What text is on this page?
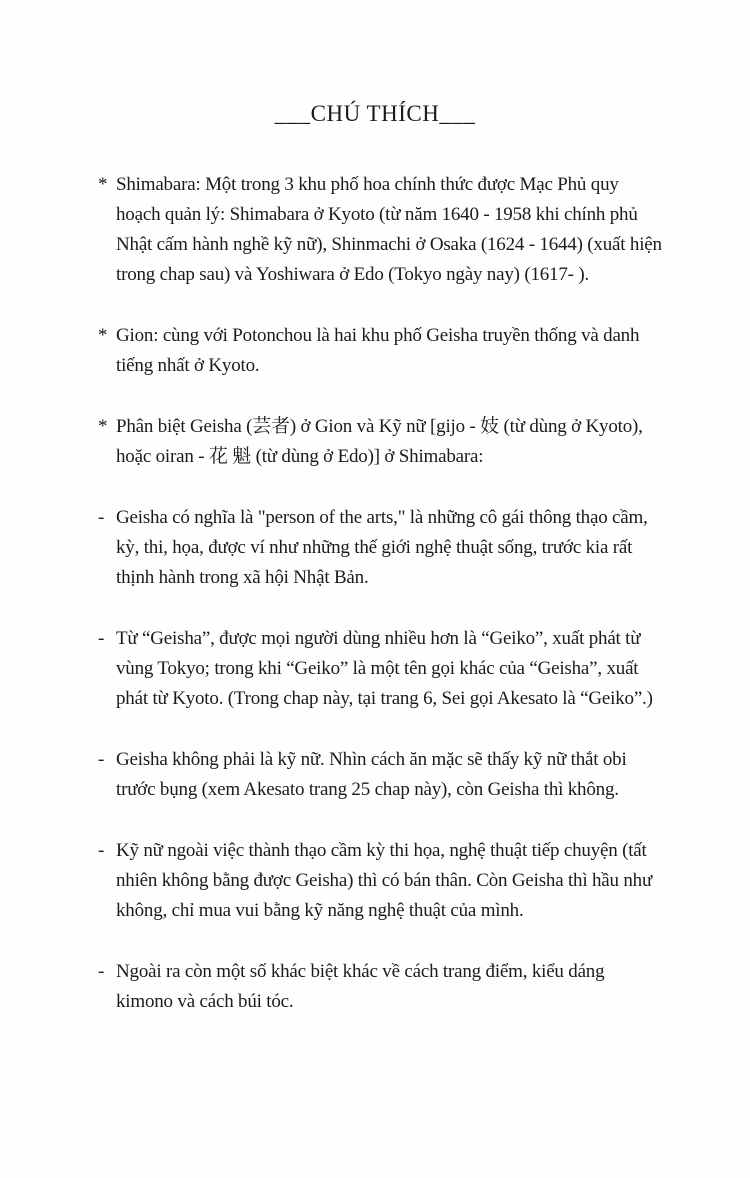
___CHÚ THÍCH___
* Shimabara: Một trong 3 khu phố hoa chính thức được Mạc Phủ quy hoạch quản lý: Shimabara ở Kyoto (từ năm 1640 - 1958 khi chính phủ Nhật cấm hành nghề kỹ nữ), Shinmachi ở Osaka (1624 - 1644) (xuất hiện trong chap sau) và Yoshiwara ở Edo (Tokyo ngày nay) (1617- ).
* Gion: cùng với Potonchou là hai khu phố Geisha truyền thống và danh tiếng nhất ở Kyoto.
* Phân biệt Geisha (芸者) ở Gion và Kỹ nữ [gijo - 妓 (từ dùng ở Kyoto), hoặc oiran - 花 魁 (từ dùng ở Edo)] ở Shimabara:
- Geisha có nghĩa là "person of the arts," là những cô gái thông thạo cầm, kỳ, thi, họa, được ví như những thế giới nghệ thuật sống, trước kia rất thịnh hành trong xã hội Nhật Bản.
- Từ “Geisha”, được mọi người dùng nhiều hơn là “Geiko”, xuất phát từ vùng Tokyo; trong khi “Geiko” là một tên gọi khác của “Geisha”, xuất phát từ Kyoto. (Trong chap này, tại trang 6, Sei gọi Akesato là “Geiko”.)
- Geisha không phải là kỹ nữ. Nhìn cách ăn mặc sẽ thấy kỹ nữ thắt obi trước bụng (xem Akesato trang 25 chap này), còn Geisha thì không.
- Kỹ nữ ngoài việc thành thạo cầm kỳ thi họa, nghệ thuật tiếp chuyện (tất nhiên không bằng được Geisha) thì có bán thân. Còn Geisha thì hầu như không, chỉ mua vui bằng kỹ năng nghệ thuật của mình.
- Ngoài ra còn một số khác biệt khác về cách trang điểm, kiểu dáng kimono và cách búi tóc.
